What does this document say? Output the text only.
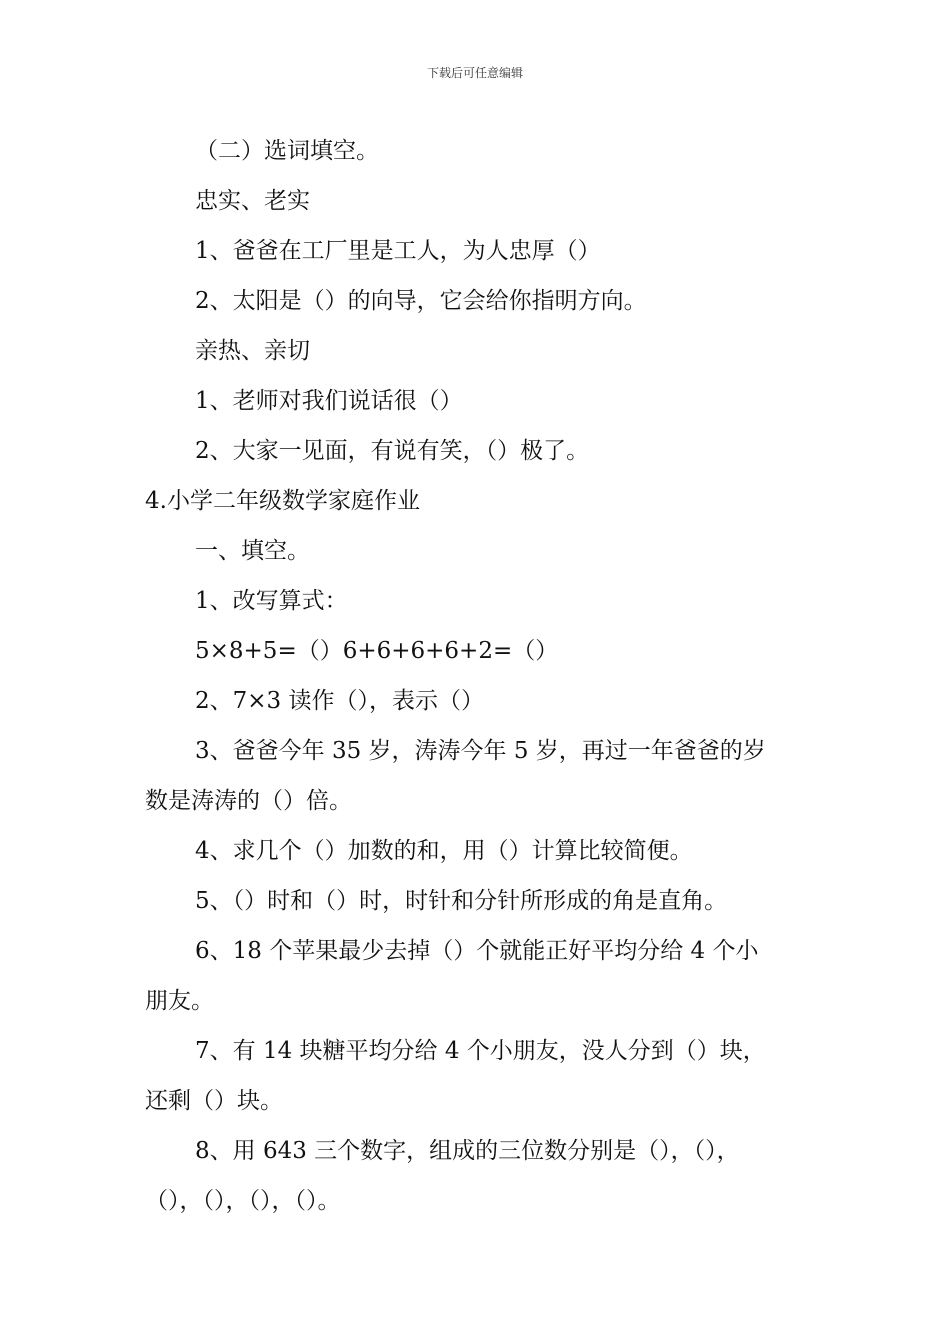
下载后可任意编辑
（二）选词填空。
忠实、老实
1、爸爸在工厂里是工人，为人忠厚（）
2、太阳是（）的向导，它会给你指明方向。
亲热、亲切
1、老师对我们说话很（）
2、大家一见面，有说有笑，（）极了。
4.小学二年级数学家庭作业
一、填空。
1、改写算式：
5×8+5=（）6+6+6+6+2=（）
2、7×3 读作（），表示（）
3、爸爸今年 35 岁，涛涛今年 5 岁，再过一年爸爸的岁
数是涛涛的（）倍。
4、求几个（）加数的和，用（）计算比较简便。
5、（）时和（）时，时针和分针所形成的角是直角。
6、18 个苹果最少去掉（）个就能正好平均分给 4 个小
朋友。
7、有 14 块糖平均分给 4 个小朋友，没人分到（）块，
还剩（）块。
8、用 643 三个数字，组成的三位数分别是（），（），
（），（），（），（）。
